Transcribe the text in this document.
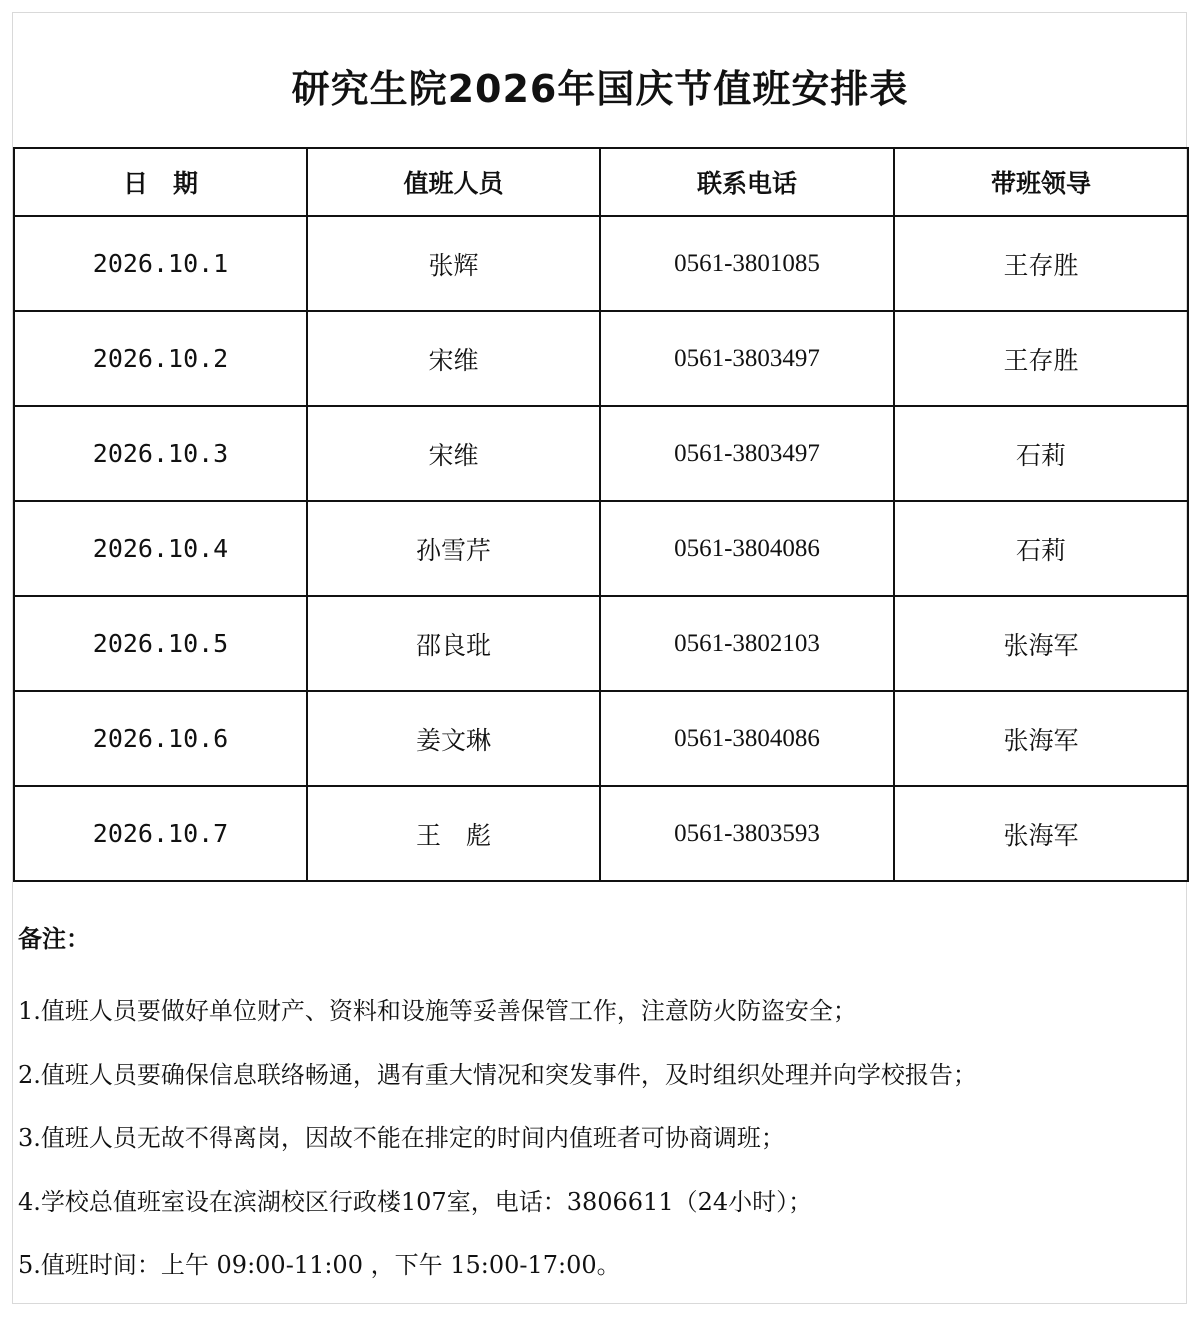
研究生院2026年国庆节值班安排表
日　期	值班人员	联系电话	带班领导
2026.10.1	张辉	0561-3801085	王存胜
2026.10.2	宋维	0561-3803497	王存胜
2026.10.3	宋维	0561-3803497	石莉
2026.10.4	孙雪芹	0561-3804086	石莉
2026.10.5	邵良玭	0561-3802103	张海军
2026.10.6	姜文琳	0561-3804086	张海军
2026.10.7	王　彪	0561-3803593	张海军
备注：
1.值班人员要做好单位财产、资料和设施等妥善保管工作，注意防火防盗安全；
2.值班人员要确保信息联络畅通，遇有重大情况和突发事件，及时组织处理并向学校报告；
3.值班人员无故不得离岗，因故不能在排定的时间内值班者可协商调班；
4.学校总值班室设在滨湖校区行政楼107室，电话：3806611（24小时）；
5.值班时间：上午 09:00-11:00 ，下午 15:00-17:00。
